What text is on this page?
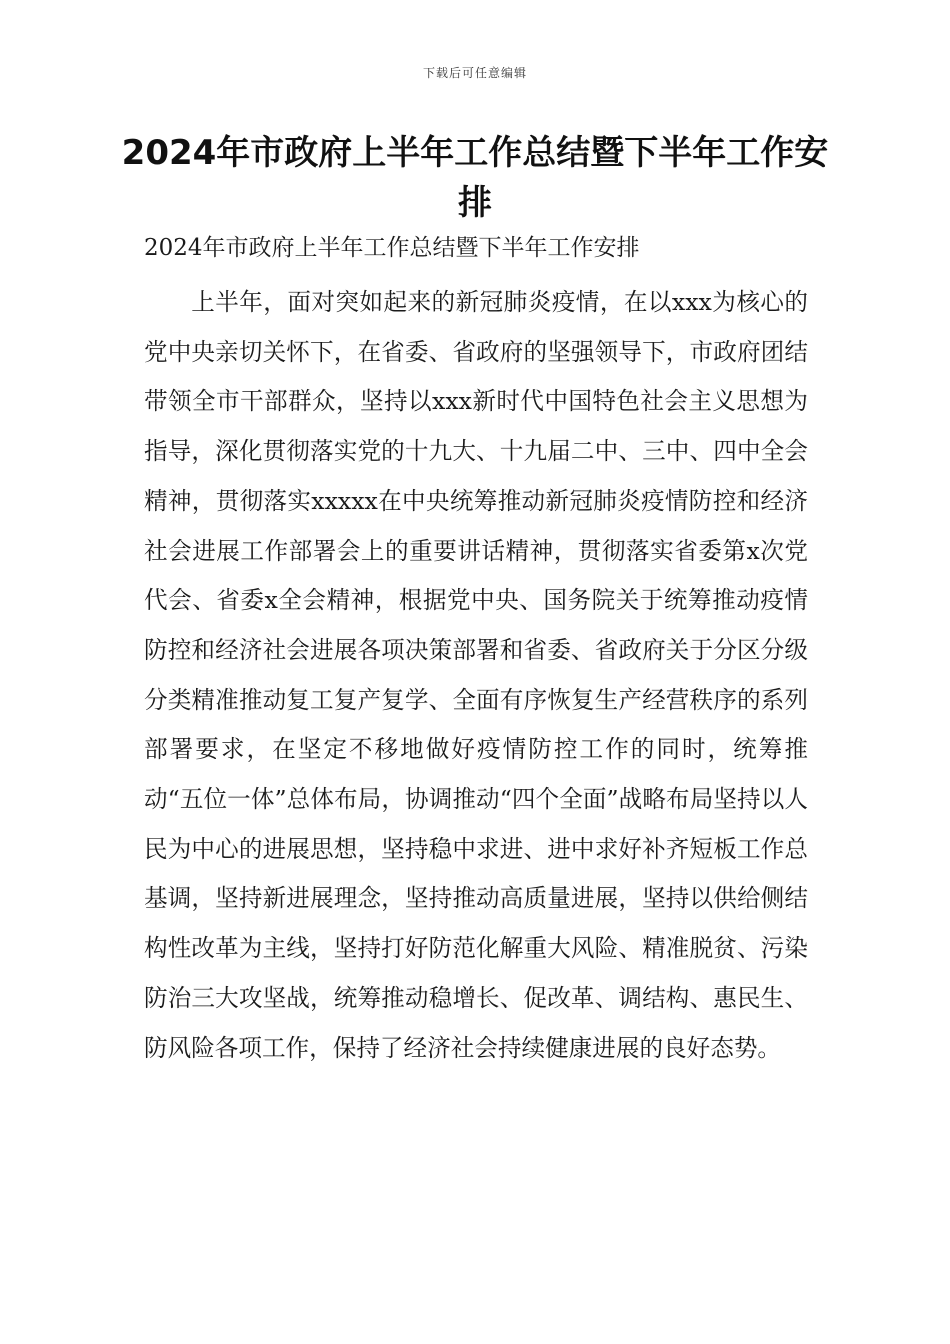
下载后可任意编辑
2024年市政府上半年工作总结暨下半年工作安排

2024年市政府上半年工作总结暨下半年工作安排

上半年，面对突如起来的新冠肺炎疫情，在以xxx为核心的党中央亲切关怀下，在省委、省政府的坚强领导下，市政府团结带领全市干部群众，坚持以xxx新时代中国特色社会主义思想为指导，深化贯彻落实党的十九大、十九届二中、三中、四中全会精神，贯彻落实xxxxx在中央统筹推动新冠肺炎疫情防控和经济社会进展工作部署会上的重要讲话精神，贯彻落实省委第x次党代会、省委x全会精神，根据党中央、国务院关于统筹推动疫情防控和经济社会进展各项决策部署和省委、省政府关于分区分级分类精准推动复工复产复学、全面有序恢复生产经营秩序的系列部署要求，在坚定不移地做好疫情防控工作的同时，统筹推动“五位一体”总体布局，协调推动“四个全面”战略布局坚持以人民为中心的进展思想，坚持稳中求进、进中求好补齐短板工作总基调，坚持新进展理念，坚持推动高质量进展，坚持以供给侧结构性改革为主线，坚持打好防范化解重大风险、精准脱贫、污染防治三大攻坚战，统筹推动稳增长、促改革、调结构、惠民生、防风险各项工作，保持了经济社会持续健康进展的良好态势。
